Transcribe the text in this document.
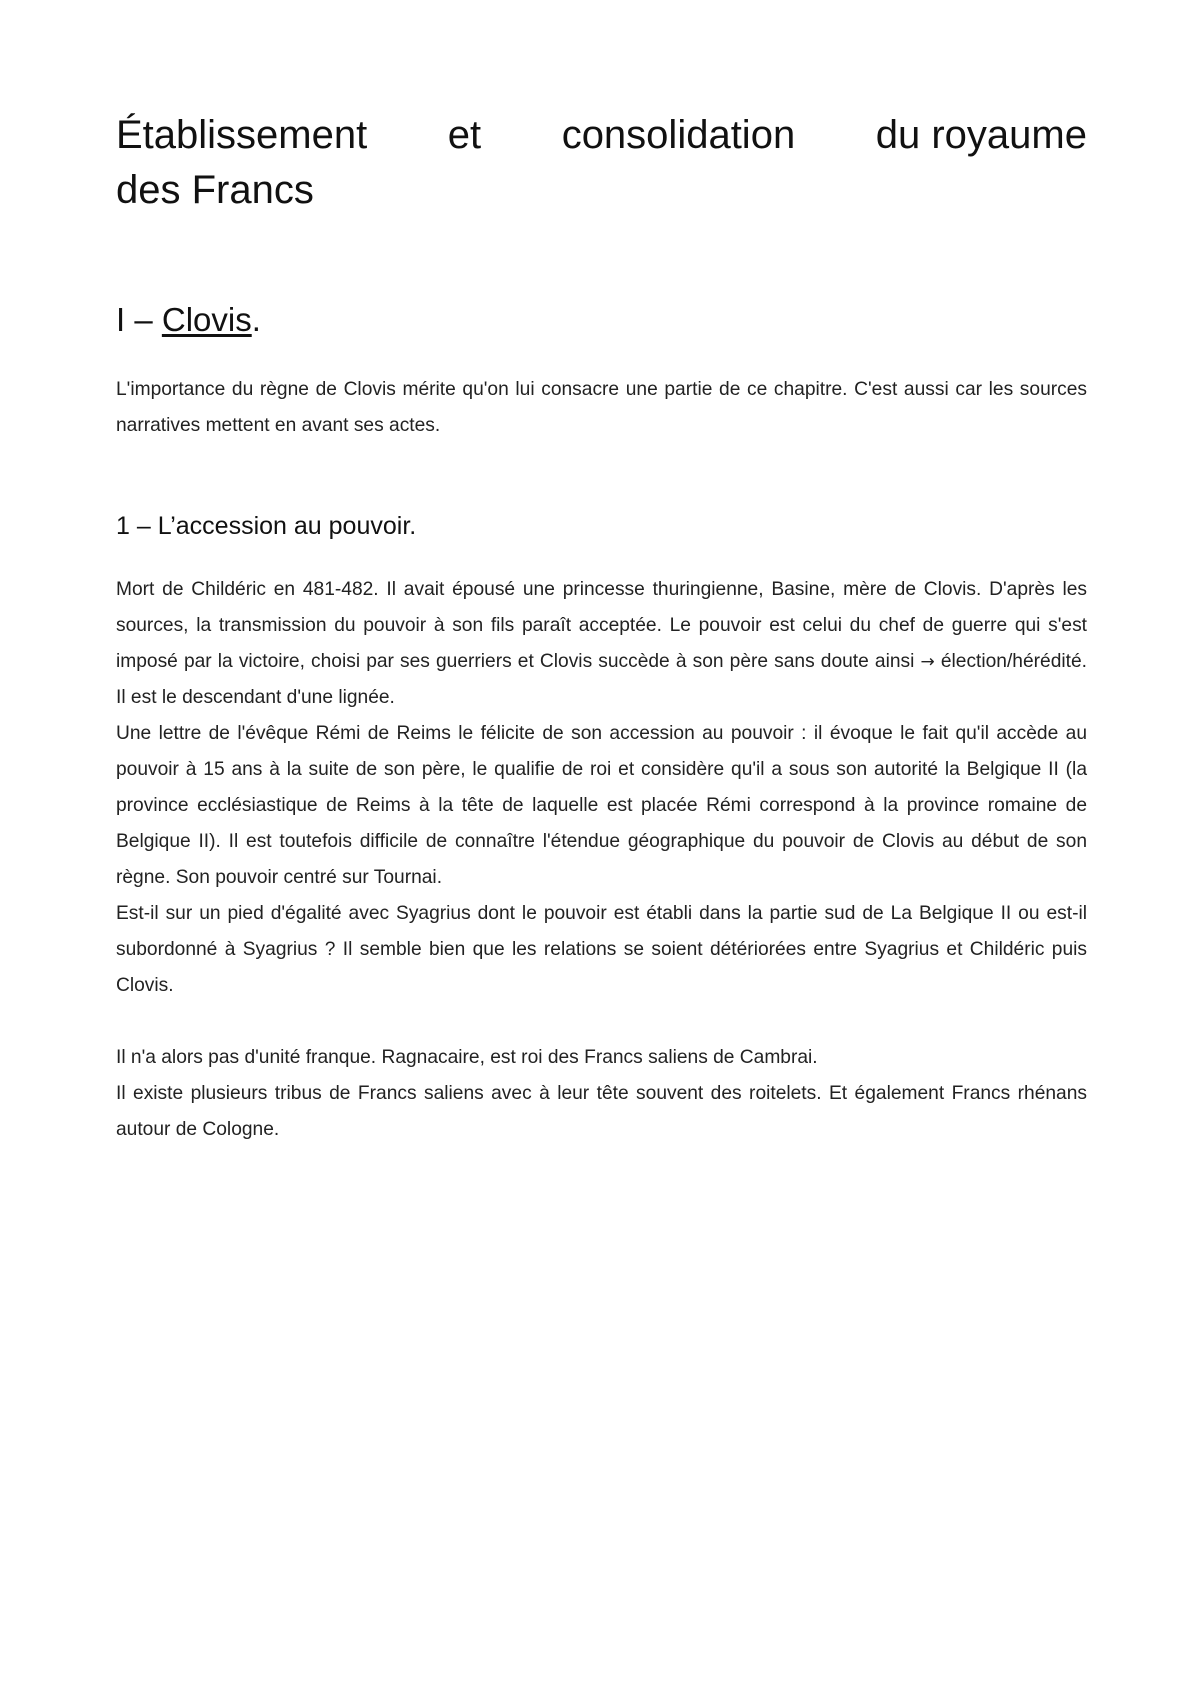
Établissement et consolidation du royaume
des Francs
I – Clovis.

L'importance du règne de Clovis mérite qu'on lui consacre une partie de ce chapitre. C'est aussi car les sources narratives mettent en avant ses actes.

1 – L’accession au pouvoir.

Mort de Childéric en 481-482. Il avait épousé une princesse thuringienne, Basine, mère de Clovis. D'après les sources, la transmission du pouvoir à son fils paraît acceptée. Le pouvoir est celui du chef de guerre qui s'est imposé par la victoire, choisi par ses guerriers et Clovis succède à son père sans doute ainsi → élection/hérédité. Il est le descendant d'une lignée.

Une lettre de l'évêque Rémi de Reims le félicite de son accession au pouvoir : il évoque le fait qu'il accède au pouvoir à 15 ans à la suite de son père, le qualifie de roi et considère qu'il a sous son autorité la Belgique II (la province ecclésiastique de Reims à la tête de laquelle est placée Rémi correspond à la province romaine de Belgique II). Il est toutefois difficile de connaître l'étendue géographique du pouvoir de Clovis au début de son règne. Son pouvoir centré sur Tournai.

Est-il sur un pied d'égalité avec Syagrius dont le pouvoir est établi dans la partie sud de La Belgique II ou est-il subordonné à Syagrius ? Il semble bien que les relations se soient détériorées entre Syagrius et Childéric puis Clovis.

Il n'a alors pas d'unité franque. Ragnacaire, est roi des Francs saliens de Cambrai.

Il existe plusieurs tribus de Francs saliens avec à leur tête souvent des roitelets. Et également Francs rhénans autour de Cologne.
